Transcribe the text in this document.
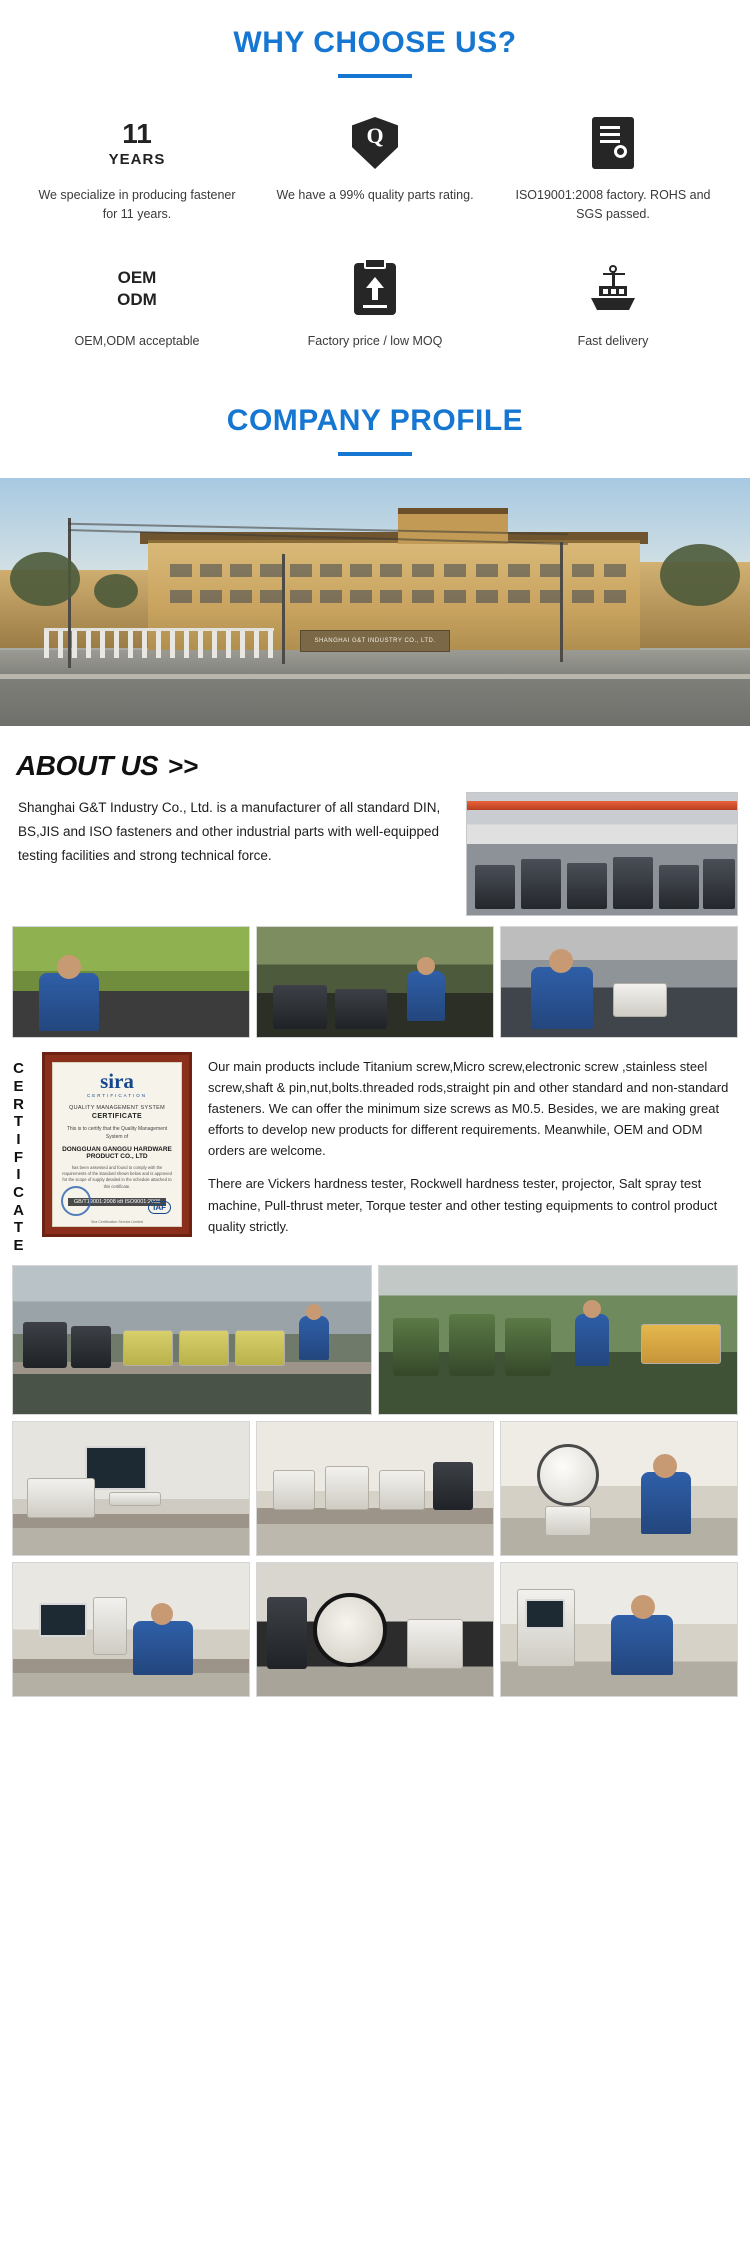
WHY CHOOSE US?
11
YEARS
We specialize in producing fastener for 11 years.
Q
We have a 99% quality parts rating.	ISO19001:2008 factory. ROHS and SGS passed.
OEM
ODM
OEM,ODM acceptable	Factory price / low MOQ	Fast delivery
COMPANY PROFILE
SHANGHAI G&T INDUSTRY CO., LTD.
ABOUT US >>
Shanghai G&T Industry Co., Ltd. is a manufacturer of all standard DIN, BS,JIS and ISO fasteners and other industrial parts with well-equipped testing facilities and strong technical force.
C
E
R
T
I
F
I
C
A
T
E
sira
CERTIFICATION
QUALITY MANAGEMENT SYSTEM
CERTIFICATE
This is to certify that the Quality Management System of
DONGGUAN GANGGU HARDWARE PRODUCT CO., LTD
has been assessed and found to comply with the requirements of the standard shown below and is approved for the scope of supply detailed in the schedule attached to this certificate.
GB/T19001:2008 idt ISO9001:2008
IAF
Sira Certification Service Limited

Our main products include Titanium screw,Micro screw,electronic screw ,stainless steel screw,shaft & pin,nut,bolts.threaded rods,straight pin and other standard and non-standard fasteners. We can offer the minimum size screws as M0.5. Besides, we are making great efforts to develop new products for different requirements. Meanwhile, OEM and ODM orders are welcome.

There are Vickers hardness tester, Rockwell hardness tester, projector, Salt spray test machine, Pull-thrust meter, Torque tester and other testing equipments to control product quality strictly.
